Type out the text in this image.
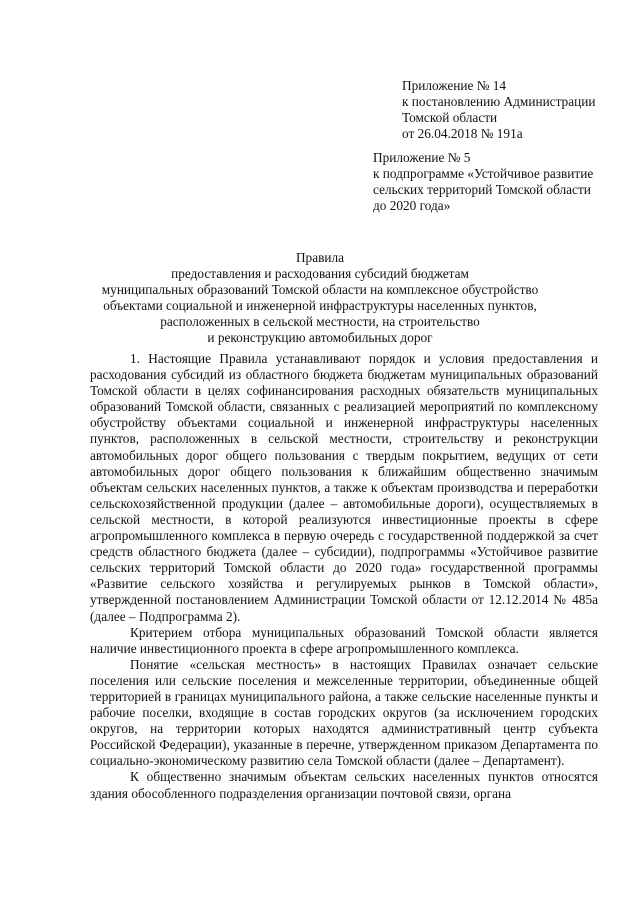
Приложение № 14
к постановлению Администрации
Томской области
от 26.04.2018 № 191а
Приложение № 5
к подпрограмме «Устойчивое развитие
сельских территорий Томской области
до 2020 года»
Правила
предоставления и расходования субсидий бюджетам
муниципальных образований Томской области на комплексное обустройство
объектами социальной и инженерной инфраструктуры населенных пунктов,
расположенных в сельской местности, на строительство
и реконструкцию автомобильных дорог

1. Настоящие Правила устанавливают порядок и условия предоставления и расходования субсидий из областного бюджета бюджетам муниципальных образований Томской области в целях софинансирования расходных обязательств муниципальных образований Томской области, связанных с реализацией мероприятий по комплексному обустройству объектами социальной и инженерной инфраструктуры населенных пунктов, расположенных в сельской местности, строительству и реконструкции автомобильных дорог общего пользования с твердым покрытием, ведущих от сети автомобильных дорог общего пользования к ближайшим общественно значимым объектам сельских населенных пунктов, а также к объектам производства и переработки сельскохозяйственной продукции (далее – автомобильные дороги), осуществляемых в сельской местности, в которой реализуются инвестиционные проекты в сфере агропромышленного комплекса в первую очередь с государственной поддержкой за счет средств областного бюджета (далее – субсидии), подпрограммы «Устойчивое развитие сельских территорий Томской области до 2020 года» государственной программы «Развитие сельского хозяйства и регулируемых рынков в Томской области», утвержденной постановлением Администрации Томской области от 12.12.2014 № 485а (далее – Подпрограмма 2).

Критерием отбора муниципальных образований Томской области является наличие инвестиционного проекта в сфере агропромышленного комплекса.

Понятие «сельская местность» в настоящих Правилах означает сельские поселения или сельские поселения и межселенные территории, объединенные общей территорией в границах муниципального района, а также сельские населенные пункты и рабочие поселки, входящие в состав городских округов (за исключением городских округов, на территории которых находятся административный центр субъекта Российской Федерации), указанные в перечне, утвержденном приказом Департамента по социально-экономическому развитию села Томской области (далее – Департамент).

К общественно значимым объектам сельских населенных пунктов относятся здания обособленного подразделения организации почтовой связи, органа
